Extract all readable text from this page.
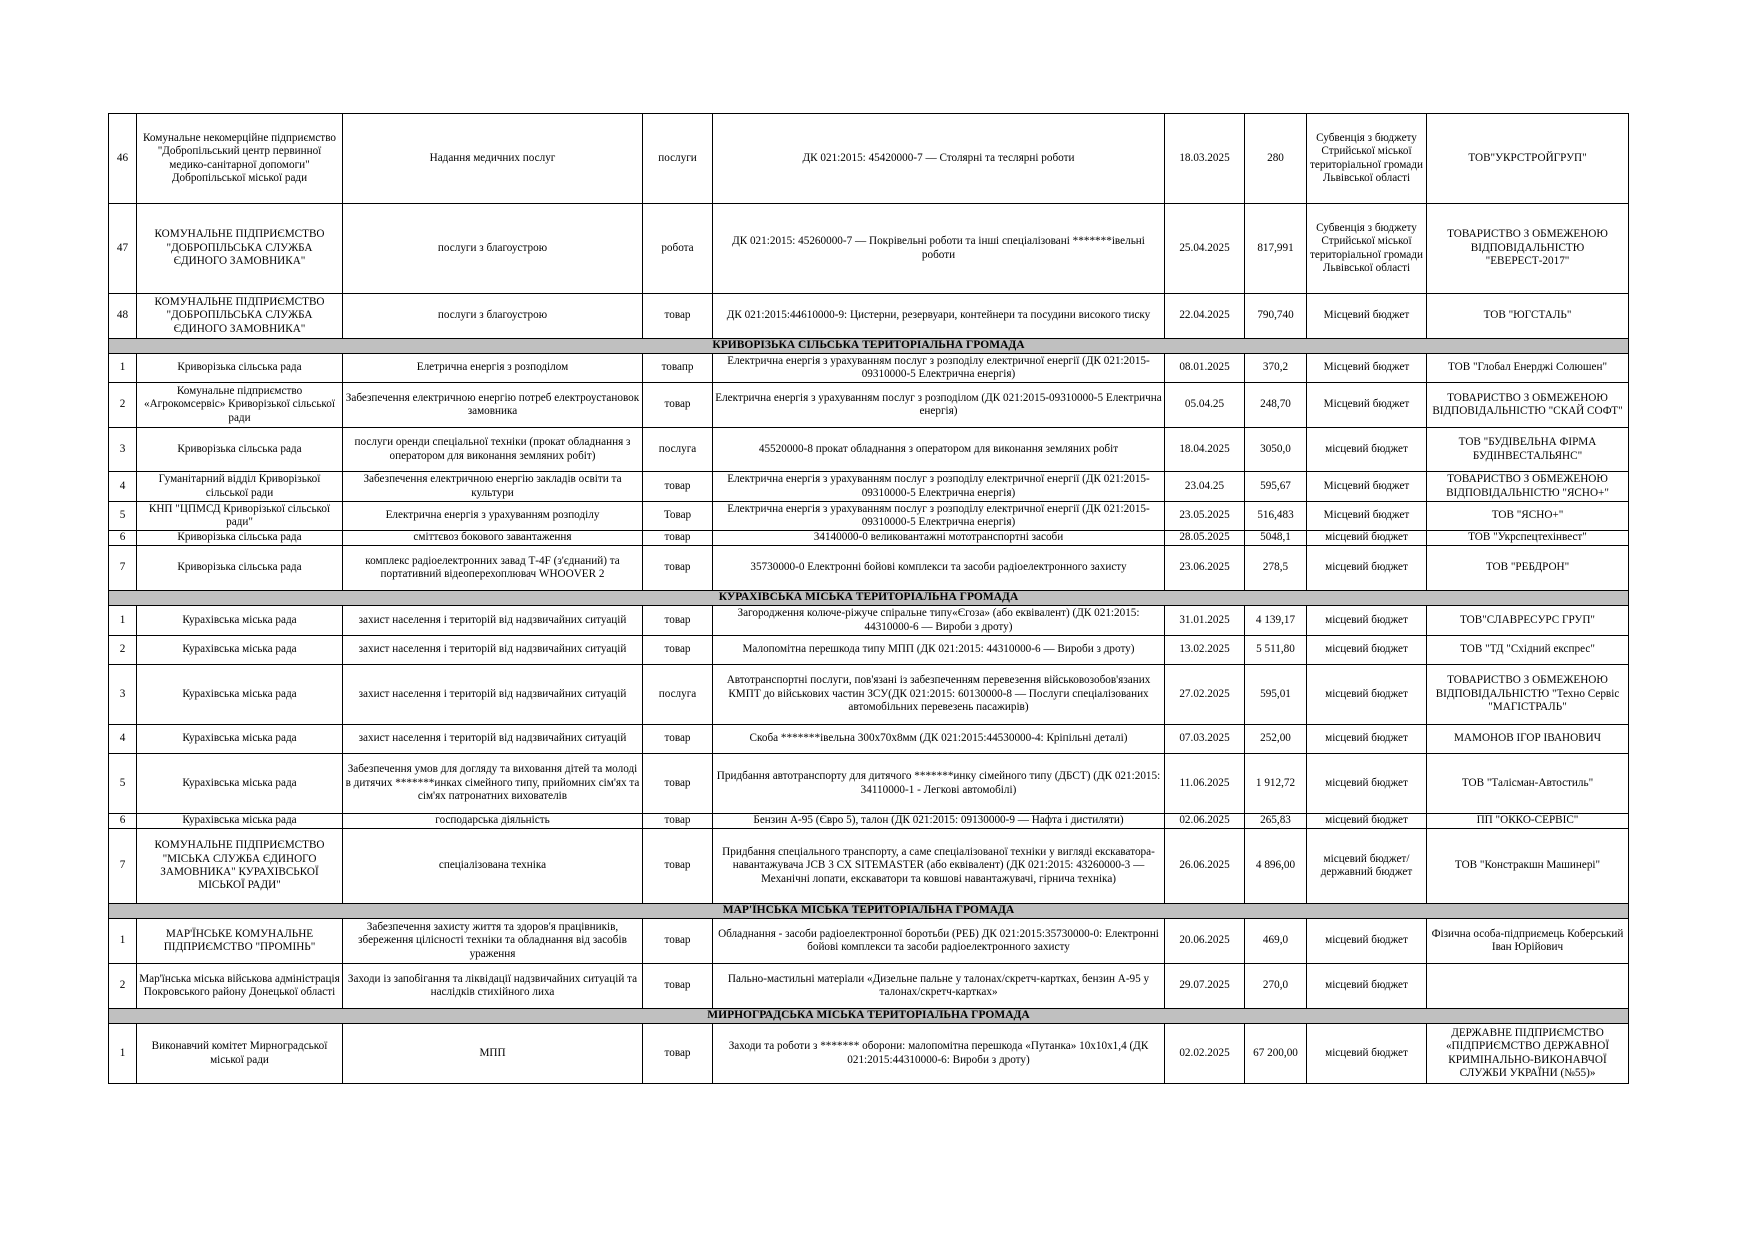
46	Комунальне некомерційне підприємство "Добропільський центр первинної медико-санітарної допомоги" Добропільської міської ради	Надання медичних послуг	послуги	ДК 021:2015: 45420000-7 — Столярні та теслярні роботи	18.03.2025	280	Субвенція з бюджету Стрийської міської територіальної громади Львівської області	ТОВ"УКРСТРОЙГРУП"
47	КОМУНАЛЬНЕ ПІДПРИЄМСТВО "ДОБРОПІЛЬСЬКА СЛУЖБА ЄДИНОГО ЗАМОВНИКА"	послуги з благоустрою	робота	ДК 021:2015: 45260000-7 — Покрівельні роботи та інші спеціалізовані *******івельні роботи	25.04.2025	817,991	Субвенція з бюджету Стрийської міської територіальної громади Львівської області	ТОВАРИСТВО З ОБМЕЖЕНОЮ ВІДПОВІДАЛЬНІСТЮ "ЕВЕРЕСТ-2017"
48	КОМУНАЛЬНЕ ПІДПРИЄМСТВО "ДОБРОПІЛЬСЬКА СЛУЖБА ЄДИНОГО ЗАМОВНИКА"	послуги з благоустрою	товар	ДК 021:2015:44610000-9: Цистерни, резервуари, контейнери та посудини високого тиску	22.04.2025	790,740	Місцевий бюджет	ТОВ "ЮГСТАЛЬ"
КРИВОРІЗЬКА СІЛЬСЬКА ТЕРИТОРІАЛЬНА ГРОМАДА								
1	Криворізька сільська рада	Елетрична енергія з розподілом	товапр	Електрична енергія з урахуванням послуг з розподілу електричної енергії (ДК 021:2015-09310000-5 Електрична енергія)	08.01.2025	370,2	Місцевий бюджет	ТОВ "Глобал Енерджі Солюшен"
2	Комунальне підприємство «Агрокомсервіс» Криворізької сільської ради	Забезпечення електричною енергію потреб електроустановок замовника	товар	Електрична енергія з урахуванням послуг з розподілом (ДК 021:2015-09310000-5 Електрична енергія)	05.04.25	248,70	Місцевий бюджет	ТОВАРИСТВО З ОБМЕЖЕНОЮ ВІДПОВІДАЛЬНІСТЮ "СКАЙ СОФТ"
3	Криворізька сільська рада	послуги оренди спеціальної техніки (прокат обладнання з оператором для виконання земляних робіт)	послуга	45520000-8 прокат обладнання з оператором для виконання земляних робіт	18.04.2025	3050,0	місцевий бюджет	ТОВ "БУДІВЕЛЬНА ФІРМА БУДІНВЕСТАЛЬЯНС"
4	Гуманітарний відділ Криворізької сільської ради	Забезпечення електричною енергію закладів освіти та культури	товар	Електрична енергія з урахуванням послуг з розподілу електричної енергії (ДК 021:2015-09310000-5 Електрична енергія)	23.04.25	595,67	Місцевий бюджет	ТОВАРИСТВО З ОБМЕЖЕНОЮ ВІДПОВІДАЛЬНІСТЮ "ЯСНО+"
5	КНП "ЦПМСД Криворізької сільської ради"	Електрична енергія з урахуванням розподілу	Товар	Електрична енергія з урахуванням послуг з розподілу електричної енергії (ДК 021:2015-09310000-5 Електрична енергія)	23.05.2025	516,483	Місцевий бюджет	ТОВ "ЯСНО+"
6	Криворізька сільська рада	сміттєвоз бокового завантаження	товар	34140000-0 великовантажні мототранспортні засоби	28.05.2025	5048,1	місцевий бюджет	ТОВ "Укрспецтехінвест"
7	Криворізька сільська рада	комплекс радіоелектронних завад Т-4F (з'єднаний) та портативний відеоперехоплювач WHOOVER 2	товар	35730000-0 Електронні бойові комплекси та засоби радіоелектронного захисту	23.06.2025	278,5	місцевий бюджет	ТОВ "РЕБДРОН"
КУРАХІВСЬКА МІСЬКА ТЕРИТОРІАЛЬНА ГРОМАДА								
1	Курахівська міська рада	захист населення і територій від надзвичайних ситуацій	товар	Загородження колюче-ріжуче спіральне типу«Єгоза» (або еквівалент) (ДК 021:2015: 44310000-6 — Вироби з дроту)	31.01.2025	4 139,17	місцевий бюджет	ТОВ"СЛАВРЕСУРС ГРУП"
2	Курахівська міська рада	захист населення і територій від надзвичайних ситуацій	товар	Малопомітна перешкода типу МПП (ДК 021:2015: 44310000-6 — Вироби з дроту)	13.02.2025	5 511,80	місцевий бюджет	ТОВ "ТД "Східний експрес"
3	Курахівська міська рада	захист населення і територій від надзвичайних ситуацій	послуга	Автотранспортні послуги, пов'язані із забезпеченням перевезення військовозобов'язаних КМПТ до військових частин ЗСУ(ДК 021:2015: 60130000-8 — Послуги спеціалізованих автомобільних перевезень пасажирів)	27.02.2025	595,01	місцевий бюджет	ТОВАРИСТВО З ОБМЕЖЕНОЮ ВІДПОВІДАЛЬНІСТЮ "Техно Сервіс "МАГІСТРАЛЬ"
4	Курахівська міська рада	захист населення і територій від надзвичайних ситуацій	товар	Скоба *******івельна 300х70х8мм (ДК 021:2015:44530000-4: Кріпільні деталі)	07.03.2025	252,00	місцевий бюджет	МАМОНОВ ІГОР ІВАНОВИЧ
5	Курахівська міська рада	Забезпечення умов для догляду та виховання дітей та молоді в дитячих *******инках сімейного типу, прийомних сім'ях та сім'ях патронатних вихователів	товар	Придбання автотранспорту для дитячого *******инку сімейного типу (ДБСТ) (ДК 021:2015: 34110000-1 - Легкові автомобілі)	11.06.2025	1 912,72	місцевий бюджет	ТОВ "Талісман-Автостиль"
6	Курахівська міська рада	господарська діяльність	товар	Бензин А-95 (Євро 5), талон (ДК 021:2015: 09130000-9 — Нафта і дистиляти)	02.06.2025	265,83	місцевий бюджет	ПП "ОККО-СЕРВІС"
7	КОМУНАЛЬНЕ ПІДПРИЄМСТВО "МІСЬКА СЛУЖБА ЄДИНОГО ЗАМОВНИКА" КУРАХІВСЬКОЇ МІСЬКОЇ РАДИ"	спеціалізована техніка	товар	Придбання спеціального транспорту, а саме спеціалізованої техніки у вигляді екскаватора-навантажувача JCB 3 CX SITEMASTER (або еквівалент) (ДК 021:2015: 43260000-3 — Механічні лопати, екскаватори та ковшові навантажувачі, гірнича техніка)	26.06.2025	4 896,00	місцевий бюджет/державний бюджет	ТОВ "Констракшн Машинері"
МАР'ЇНСЬКА МІСЬКА ТЕРИТОРІАЛЬНА ГРОМАДА								
1	МАР'ЇНСЬКЕ КОМУНАЛЬНЕ ПІДПРИЄМСТВО "ПРОМІНЬ"	Забезпечення захисту життя та здоров'я працівників, збереження цілісності техніки та обладнання від засобів ураження	товар	Обладнання - засоби радіоелектронної боротьби (РЕБ) ДК 021:2015:35730000-0: Електронні бойові комплекси та засоби радіоелектронного захисту	20.06.2025	469,0	місцевий бюджет	Фізична особа-підприємець Коберський Іван Юрійович
2	Мар'їнська міська військова адміністрація Покровського району Донецької області	Заходи із запобігання та ліквідації надзвичайних ситуацій та наслідків стихійного лиха	товар	Пально-мастильні матеріали «Дизельне пальне у талонах/скретч-картках, бензин А-95 у талонах/скретч-картках»	29.07.2025	270,0	місцевий бюджет	
МИРНОГРАДСЬКА МІСЬКА ТЕРИТОРІАЛЬНА ГРОМАДА								
1	Виконавчий комітет Мирноградської міської ради	МПП	товар	Заходи та роботи з ******* оборони: малопомітна перешкода «Путанка» 10х10х1,4 (ДК 021:2015:44310000-6: Вироби з дроту)	02.02.2025	67 200,00	місцевий бюджет	ДЕРЖАВНЕ ПІДПРИЄМСТВО «ПІДПРИЄМСТВО ДЕРЖАВНОЇ КРИМІНАЛЬНО-ВИКОНАВЧОЇ СЛУЖБИ УКРАЇНИ (№55)»
